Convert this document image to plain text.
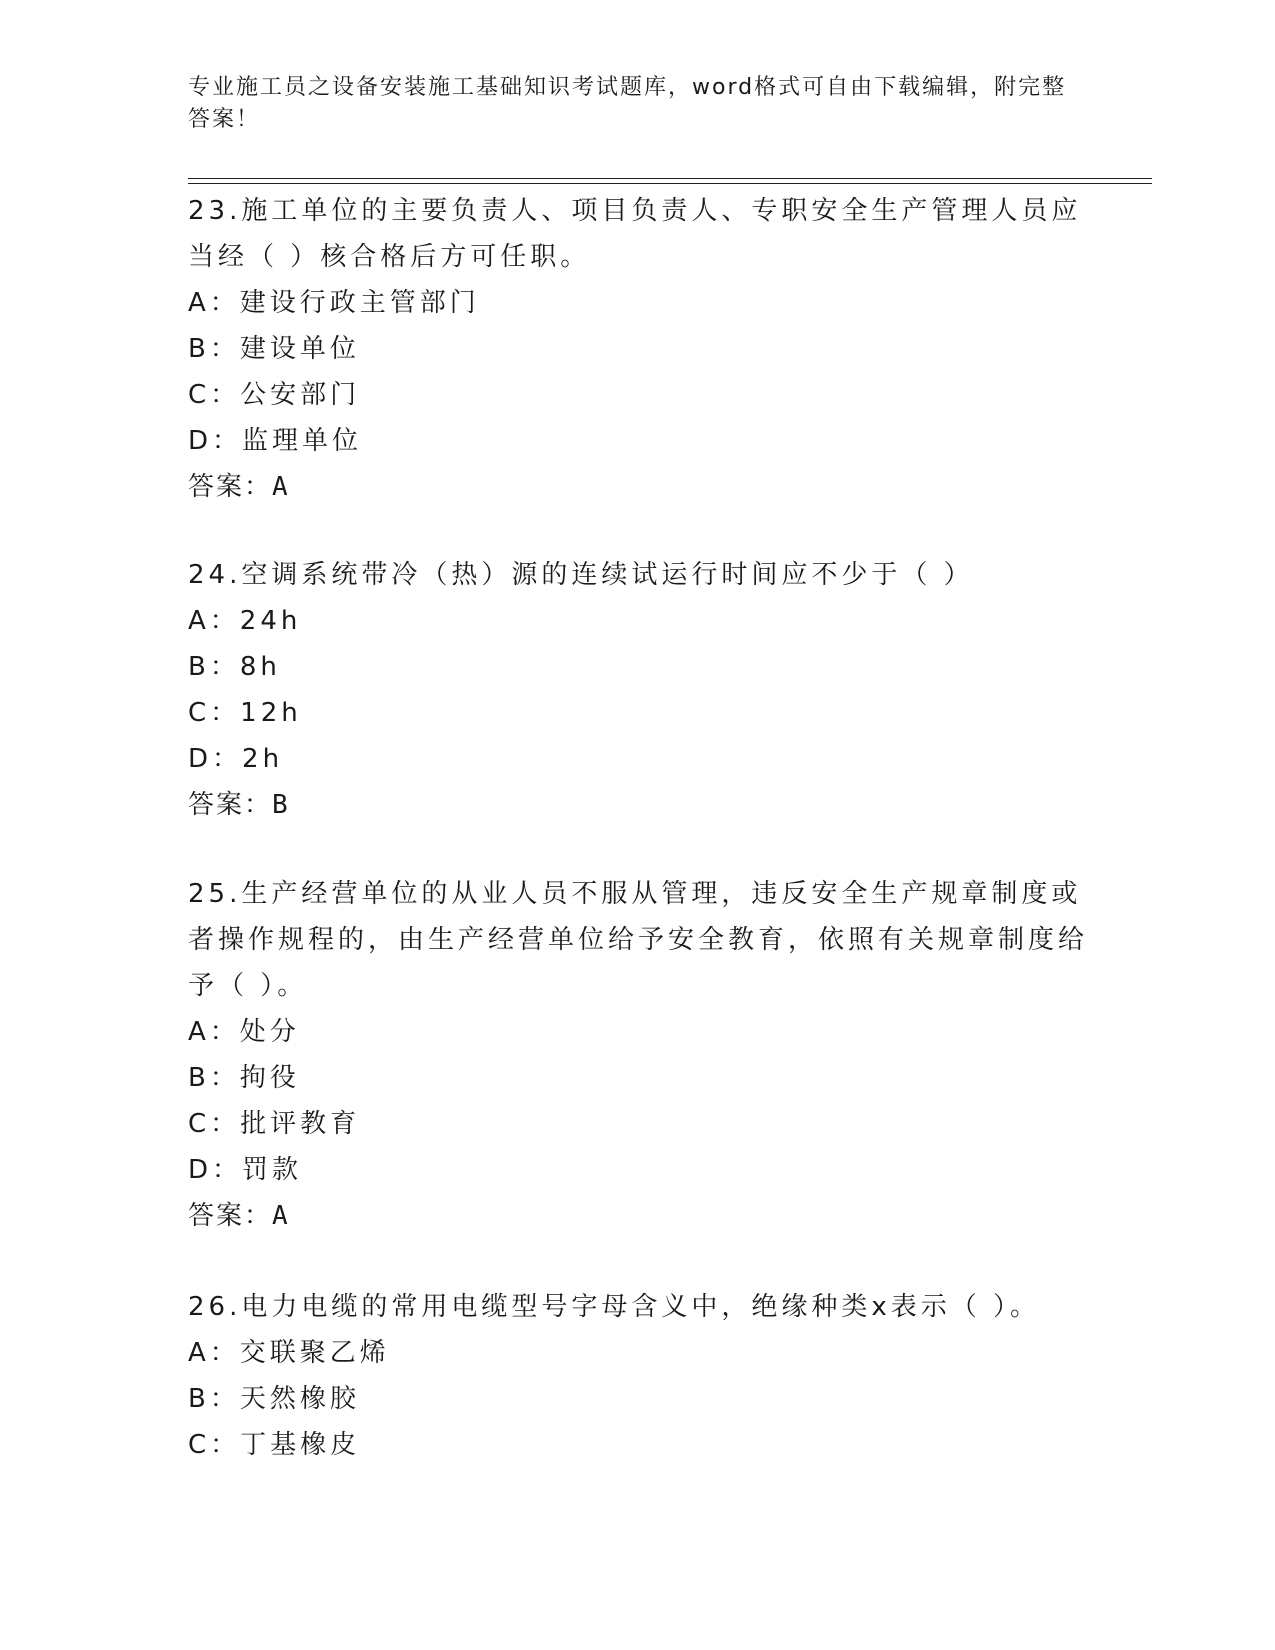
专业施工员之设备安装施工基础知识考试题库，word格式可自由下载编辑，附完整答案！
23.施工单位的主要负责人、项目负责人、专职安全生产管理人员应当经（ ）核合格后方可任职。
A：建设行政主管部门
B：建设单位
C：公安部门
D：监理单位
答案：A
24.空调系统带冷（热）源的连续试运行时间应不少于（ ）
A：24h
B：8h
C：12h
D：2h
答案：B
25.生产经营单位的从业人员不服从管理，违反安全生产规章制度或者操作规程的，由生产经营单位给予安全教育，依照有关规章制度给予（ ）。
A：处分
B：拘役
C：批评教育
D：罚款
答案：A
26.电力电缆的常用电缆型号字母含义中，绝缘种类x表示（ ）。
A：交联聚乙烯
B：天然橡胶
C：丁基橡皮
